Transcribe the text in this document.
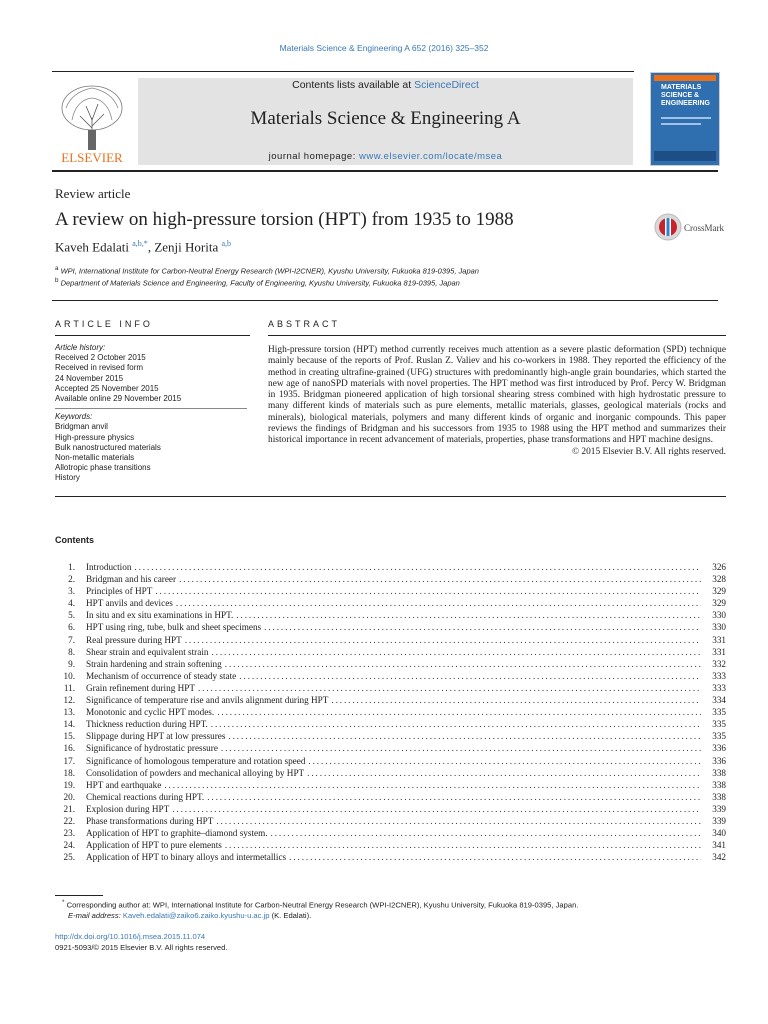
Materials Science & Engineering A 652 (2016) 325–352
ELSEVIER
Contents lists available at ScienceDirect
Materials Science & Engineering A
journal homepage: www.elsevier.com/locate/msea
MATERIALS
SCIENCE &
ENGINEERING
Review article
A review on high-pressure torsion (HPT) from 1935 to 1988
Kaveh Edalati $^{a,b,*}$, Zenji Horita $^{a,b}$
CrossMark
$^a$ WPI, International Institute for Carbon-Neutral Energy Research (WPI-I2CNER), Kyushu University, Fukuoka 819-0395, Japan
$^b$ Department of Materials Science and Engineering, Faculty of Engineering, Kyushu University, Fukuoka 819-0395, Japan
ARTICLE INFO	ABSTRACT
Article history:
Received 2 October 2015
Received in revised form
24 November 2015
Accepted 25 November 2015
Available online 29 November 2015
Keywords:
Bridgman anvil
High-pressure physics
Bulk nanostructured materials
Non-metallic materials
Allotropic phase transitions
History
High-pressure torsion (HPT) method currently receives much attention as a severe plastic deformation (SPD) technique mainly because of the reports of Prof. Ruslan Z. Valiev and his co-workers in 1988. They reported the efficiency of the method in creating ultrafine-grained (UFG) structures with predominantly high-angle grain boundaries, which started the new age of nanoSPD materials with novel properties. The HPT method was first introduced by Prof. Percy W. Bridgman in 1935. Bridgman pioneered application of high torsional shearing stress combined with high hydrostatic pressure to many different kinds of materials such as pure elements, metallic materials, glasses, geological materials (rocks and minerals), biological materials, polymers and many different kinds of organic and inorganic compounds. This paper reviews the findings of Bridgman and his successors from 1935 to 1988 using the HPT method and summarizes their historical importance in recent advancement of materials, properties, phase transformations and HPT machine designs.
© 2015 Elsevier B.V. All rights reserved.
Contents
1. Introduction . . .	326
2. Bridgman and his career . . .	328
3. Principles of HPT . . .	329
4. HPT anvils and devices . . .	329
5. In situ and ex situ examinations in HPT. . . .	330
6. HPT using ring, tube, bulk and sheet specimens . . .	330
7. Real pressure during HPT . . .	331
8. Shear strain and equivalent strain . . .	331
9. Strain hardening and strain softening . . .	332
10. Mechanism of occurrence of steady state . . .	333
11. Grain refinement during HPT . . .	333
12. Significance of temperature rise and anvils alignment during HPT . . .	334
13. Monotonic and cyclic HPT modes. . . .	335
14. Thickness reduction during HPT. . . .	335
15. Slippage during HPT at low pressures . . .	335
16. Significance of hydrostatic pressure . . .	336
17. Significance of homologous temperature and rotation speed . . .	336
18. Consolidation of powders and mechanical alloying by HPT . . .	338
19. HPT and earthquake . . .	338
20. Chemical reactions during HPT. . . .	338
21. Explosion during HPT . . .	339
22. Phase transformations during HPT . . .	339
23. Application of HPT to graphite–diamond system. . . .	340
24. Application of HPT to pure elements . . .	341
25. Application of HPT to binary alloys and intermetallics . . .	342
* Corresponding author at: WPI, International Institute for Carbon-Neutral Energy Research (WPI-I2CNER), Kyushu University, Fukuoka 819-0395, Japan.
E-mail address: Kaveh.edalati@zaiko6.zaiko.kyushu-u.ac.jp (K. Edalati).
http://dx.doi.org/10.1016/j.msea.2015.11.074
0921-5093/© 2015 Elsevier B.V. All rights reserved.
